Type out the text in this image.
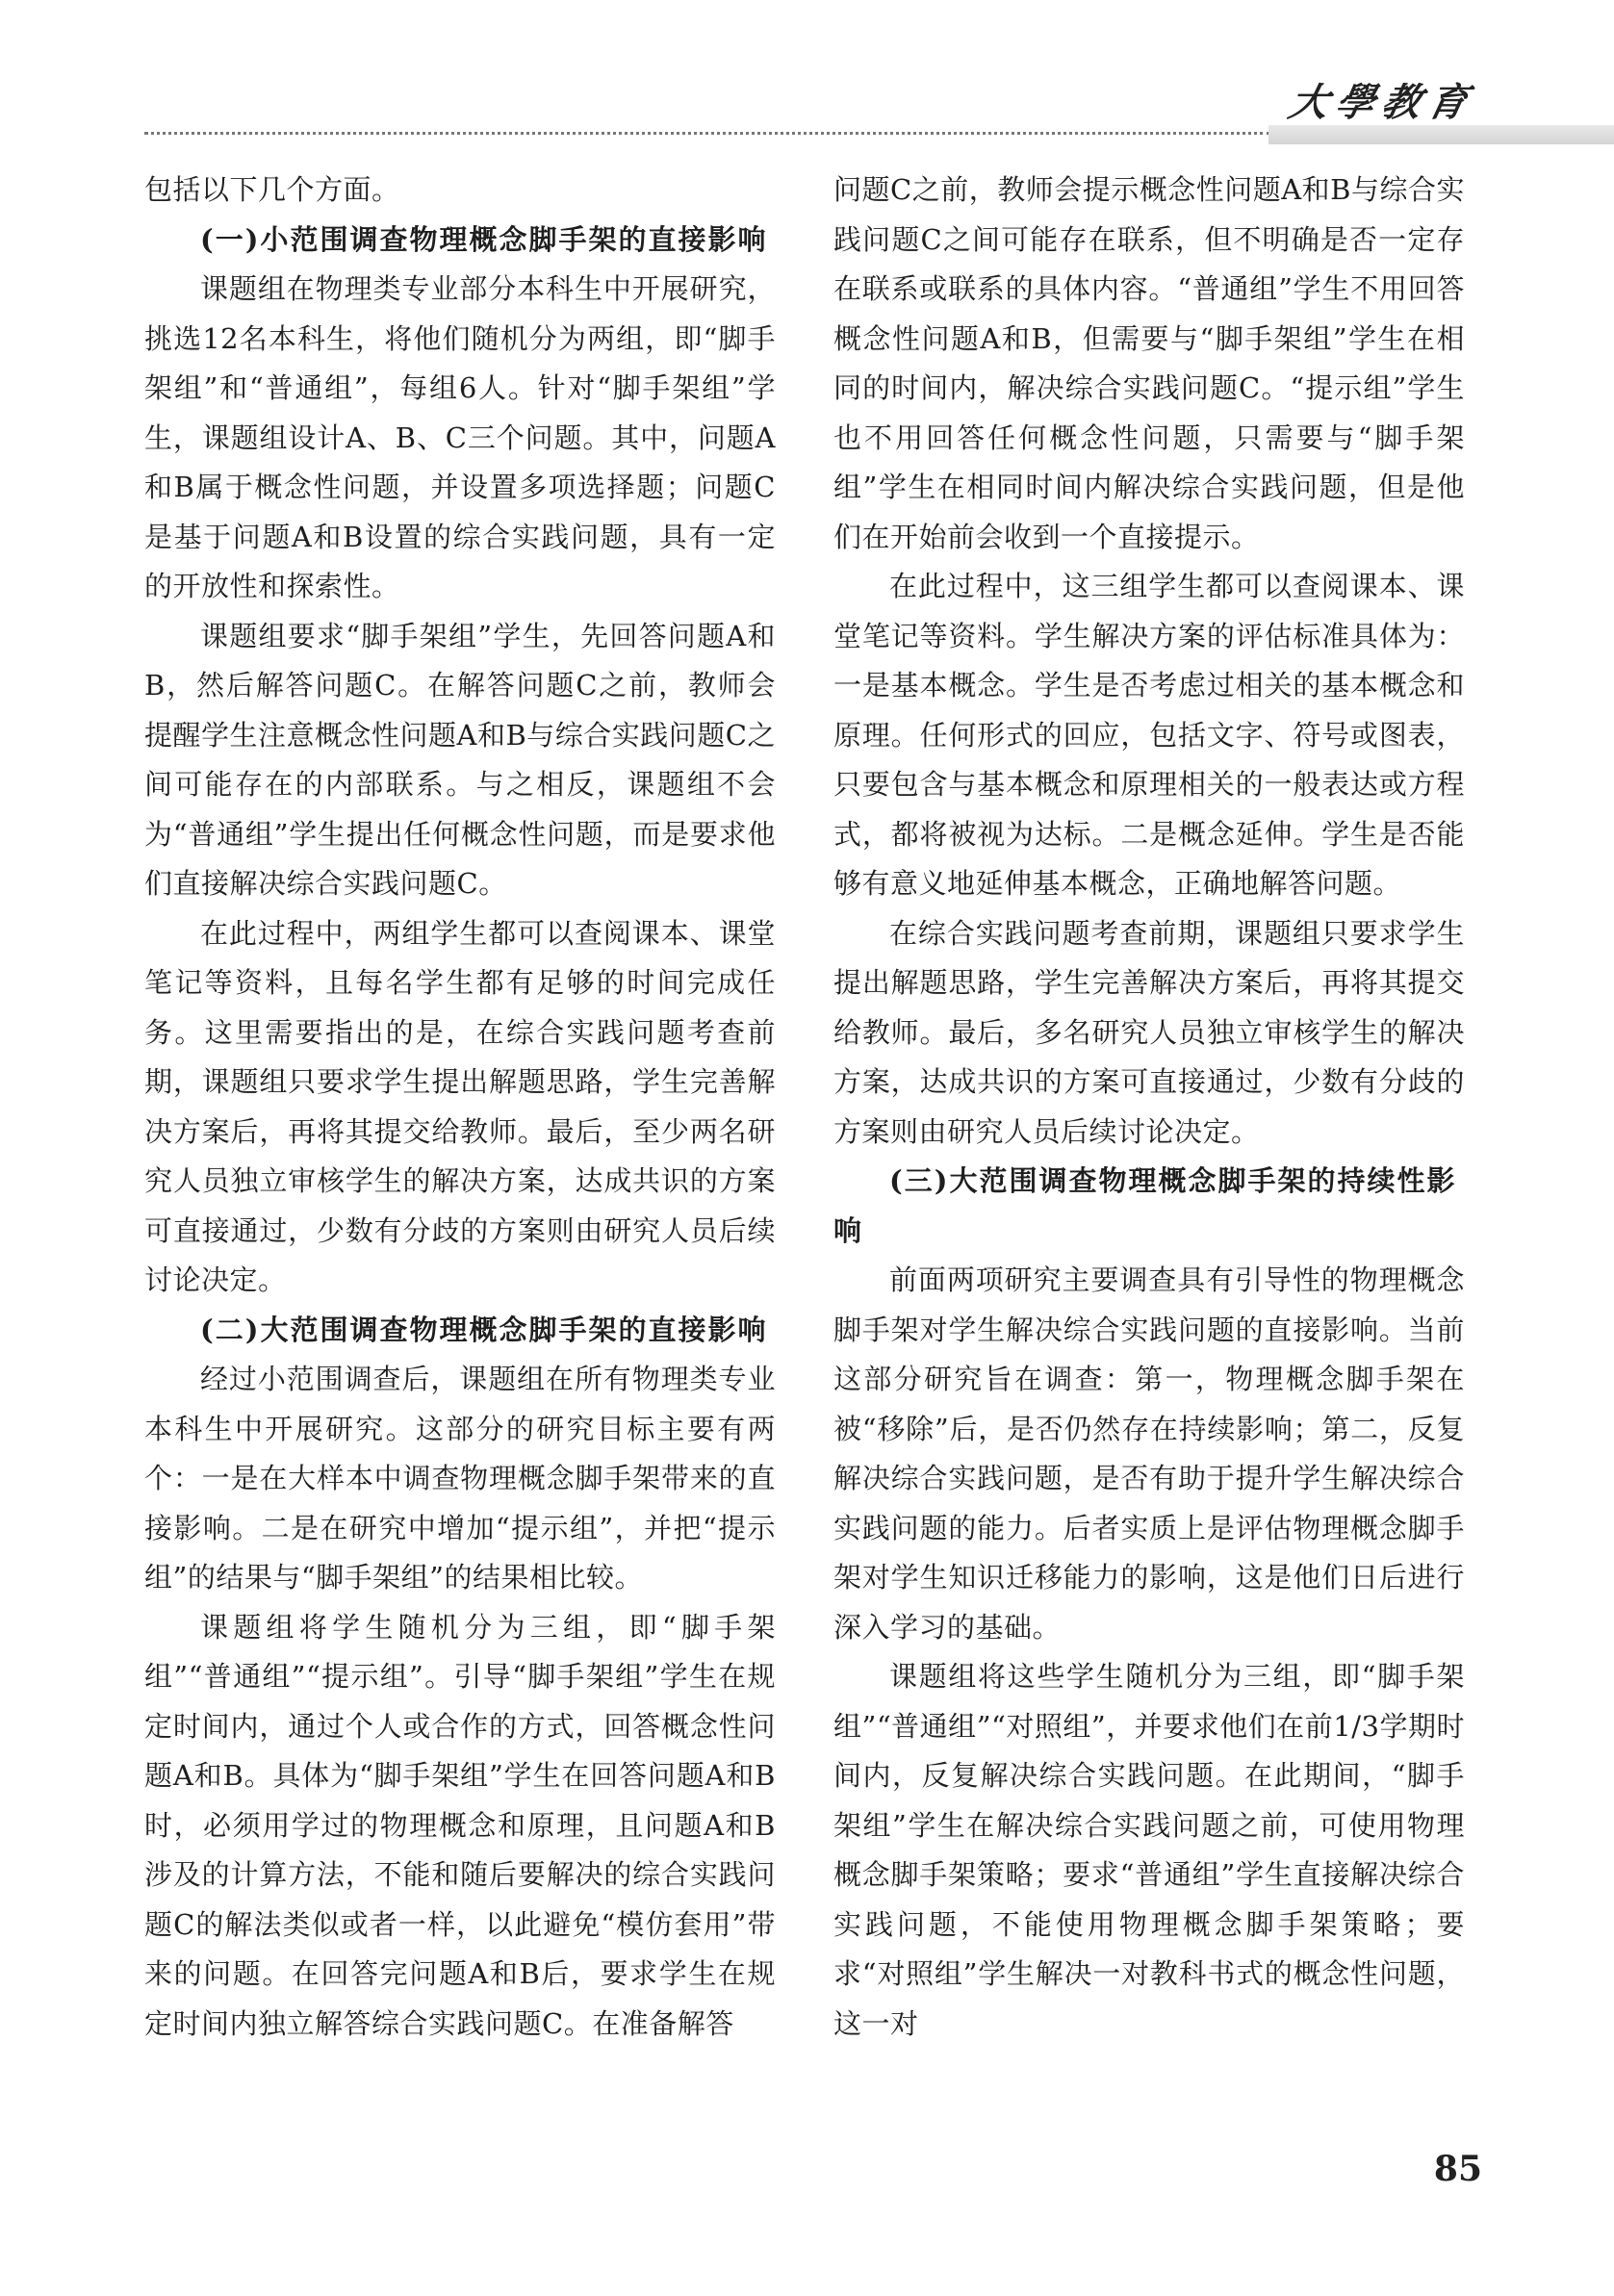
大學教育

包括以下几个方面。

(一)小范围调查物理概念脚手架的直接影响

课题组在物理类专业部分本科生中开展研究，挑选12名本科生，将他们随机分为两组，即“脚手架组”和“普通组”，每组6人。针对“脚手架组”学生，课题组设计A、B、C三个问题。其中，问题A和B属于概念性问题，并设置多项选择题；问题C是基于问题A和B设置的综合实践问题，具有一定的开放性和探索性。

课题组要求“脚手架组”学生，先回答问题A和B，然后解答问题C。在解答问题C之前，教师会提醒学生注意概念性问题A和B与综合实践问题C之间可能存在的内部联系。与之相反，课题组不会为“普通组”学生提出任何概念性问题，而是要求他们直接解决综合实践问题C。

在此过程中，两组学生都可以查阅课本、课堂笔记等资料，且每名学生都有足够的时间完成任务。这里需要指出的是，在综合实践问题考查前期，课题组只要求学生提出解题思路，学生完善解决方案后，再将其提交给教师。最后，至少两名研究人员独立审核学生的解决方案，达成共识的方案可直接通过，少数有分歧的方案则由研究人员后续讨论决定。

(二)大范围调查物理概念脚手架的直接影响

经过小范围调查后，课题组在所有物理类专业本科生中开展研究。这部分的研究目标主要有两个：一是在大样本中调查物理概念脚手架带来的直接影响。二是在研究中增加“提示组”，并把“提示组”的结果与“脚手架组”的结果相比较。

课题组将学生随机分为三组，即“脚手架组”“普通组”“提示组”。引导“脚手架组”学生在规定时间内，通过个人或合作的方式，回答概念性问题A和B。具体为“脚手架组”学生在回答问题A和B时，必须用学过的物理概念和原理，且问题A和B涉及的计算方法，不能和随后要解决的综合实践问题C的解法类似或者一样，以此避免“模仿套用”带来的问题。在回答完问题A和B后，要求学生在规定时间内独立解答综合实践问题C。在准备解答

问题C之前，教师会提示概念性问题A和B与综合实践问题C之间可能存在联系，但不明确是否一定存在联系或联系的具体内容。“普通组”学生不用回答概念性问题A和B，但需要与“脚手架组”学生在相同的时间内，解决综合实践问题C。“提示组”学生也不用回答任何概念性问题，只需要与“脚手架组”学生在相同时间内解决综合实践问题，但是他们在开始前会收到一个直接提示。

在此过程中，这三组学生都可以查阅课本、课堂笔记等资料。学生解决方案的评估标准具体为：一是基本概念。学生是否考虑过相关的基本概念和原理。任何形式的回应，包括文字、符号或图表，只要包含与基本概念和原理相关的一般表达或方程式，都将被视为达标。二是概念延伸。学生是否能够有意义地延伸基本概念，正确地解答问题。

在综合实践问题考查前期，课题组只要求学生提出解题思路，学生完善解决方案后，再将其提交给教师。最后，多名研究人员独立审核学生的解决方案，达成共识的方案可直接通过，少数有分歧的方案则由研究人员后续讨论决定。

(三)大范围调查物理概念脚手架的持续性影响

前面两项研究主要调查具有引导性的物理概念脚手架对学生解决综合实践问题的直接影响。当前这部分研究旨在调查：第一，物理概念脚手架在被“移除”后，是否仍然存在持续影响；第二，反复解决综合实践问题，是否有助于提升学生解决综合实践问题的能力。后者实质上是评估物理概念脚手架对学生知识迁移能力的影响，这是他们日后进行深入学习的基础。

课题组将这些学生随机分为三组，即“脚手架组”“普通组”“对照组”，并要求他们在前1/3学期时间内，反复解决综合实践问题。在此期间，“脚手架组”学生在解决综合实践问题之前，可使用物理概念脚手架策略；要求“普通组”学生直接解决综合实践问题，不能使用物理概念脚手架策略；要求“对照组”学生解决一对教科书式的概念性问题，这一对

85
